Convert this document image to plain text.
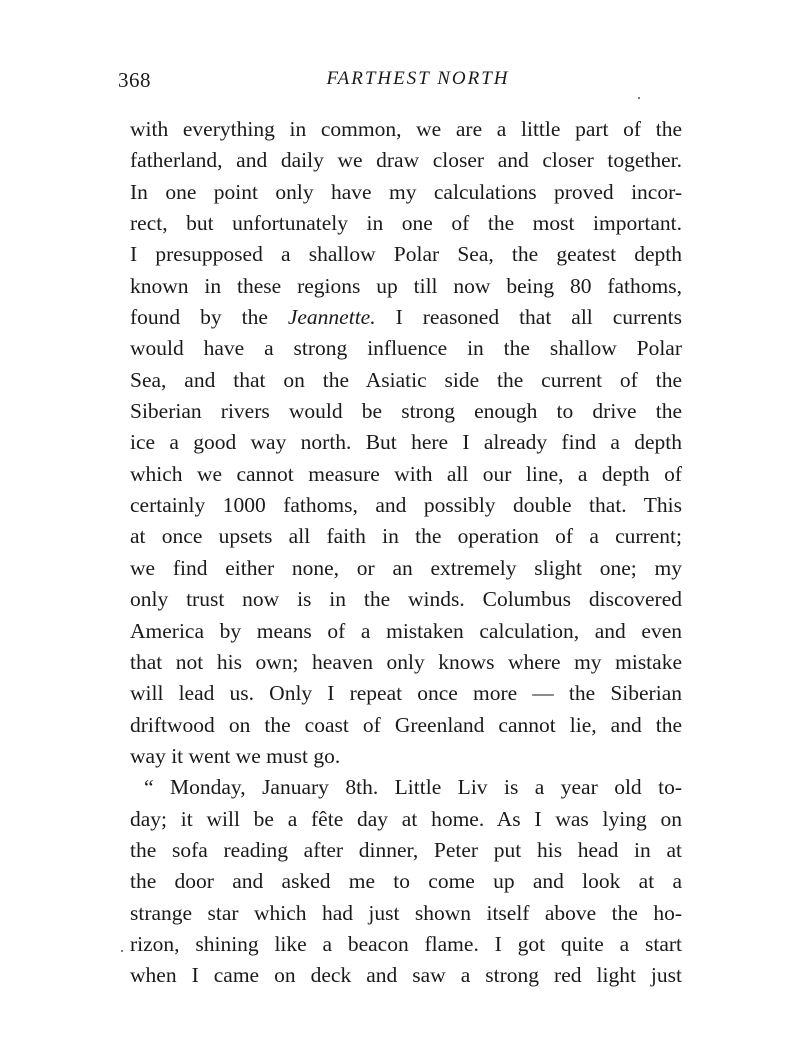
368	FARTHEST NORTH
with everything in common, we are a little part of the
fatherland, and daily we draw closer and closer together.
In one point only have my calculations proved incor-
rect, but unfortunately in one of the most important.
I presupposed a shallow Polar Sea, the geatest depth
known in these regions up till now being 80 fathoms,
found by the Jeannette. I reasoned that all currents
would have a strong influence in the shallow Polar
Sea, and that on the Asiatic side the current of the
Siberian rivers would be strong enough to drive the
ice a good way north. But here I already find a depth
which we cannot measure with all our line, a depth of
certainly 1000 fathoms, and possibly double that. This
at once upsets all faith in the operation of a current;
we find either none, or an extremely slight one; my
only trust now is in the winds. Columbus discovered
America by means of a mistaken calculation, and even
that not his own; heaven only knows where my mistake
will lead us. Only I repeat once more — the Siberian
driftwood on the coast of Greenland cannot lie, and the
way it went we must go.
“ Monday, January 8th. Little Liv is a year old to-
day; it will be a fête day at home. As I was lying on
the sofa reading after dinner, Peter put his head in at
the door and asked me to come up and look at a
strange star which had just shown itself above the ho-
rizon, shining like a beacon flame. I got quite a start
when I came on deck and saw a strong red light just
